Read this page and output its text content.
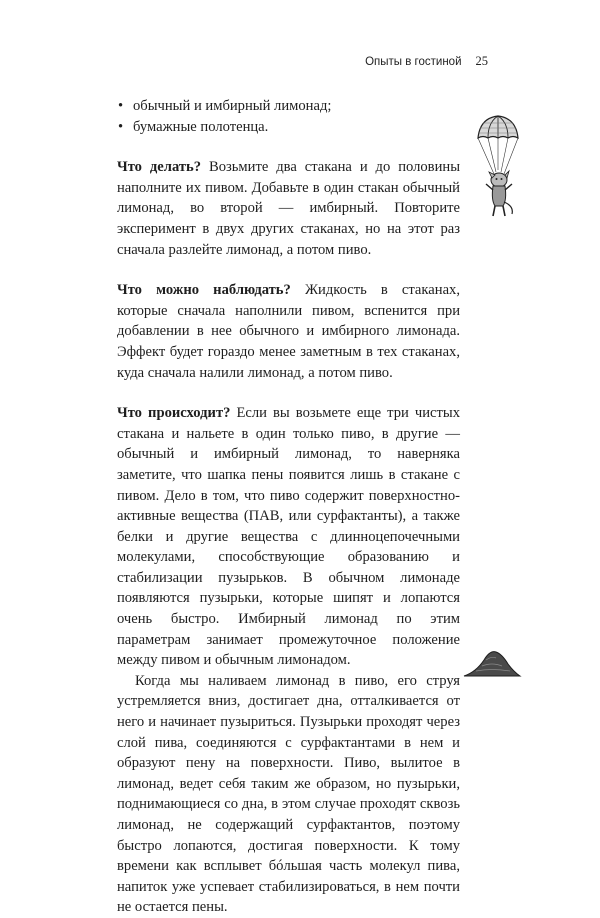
Опыты в гостиной 25
• обычный и имбирный лимонад;
• бумажные полотенца.

Что делать? Возьмите два стакана и до половины наполните их пивом. Добавьте в один стакан обычный лимонад, во второй — имбирный. Повторите эксперимент в двух других стаканах, но на этот раз сначала разлейте лимонад, а потом пиво.

Что можно наблюдать? Жидкость в стаканах, которые сначала наполнили пивом, вспенится при добавлении в нее обычного и имбирного лимонада. Эффект будет гораздо менее заметным в тех стаканах, куда сначала налили лимонад, а потом пиво.

Что происходит? Если вы возьмете еще три чистых стакана и нальете в один только пиво, в другие — обычный и имбирный лимонад, то наверняка заметите, что шапка пены появится лишь в стакане с пивом. Дело в том, что пиво содержит поверхностно-активные вещества (ПАВ, или сурфактанты), а также белки и другие вещества с длинноцепочечными молекулами, способствующие образованию и стабилизации пузырьков. В обычном лимонаде появляются пузырьки, которые шипят и лопаются очень быстро. Имбирный лимонад по этим параметрам занимает промежуточное положение между пивом и обычным лимонадом.

Когда мы наливаем лимонад в пиво, его струя устремляется вниз, достигает дна, отталкивается от него и начинает пузыриться. Пузырьки проходят через слой пива, соединяются с сурфактантами в нем и образуют пену на поверхности. Пиво, вылитое в лимонад, ведет себя таким же образом, но пузырьки, поднимающиеся со дна, в этом случае проходят сквозь лимонад, не содержащий сурфактантов, поэтому быстро лопаются, достигая поверхности. К тому времени как всплывет бóльшая часть молекул пива, напиток уже успевает стабилизироваться, в нем почти не остается пены.
